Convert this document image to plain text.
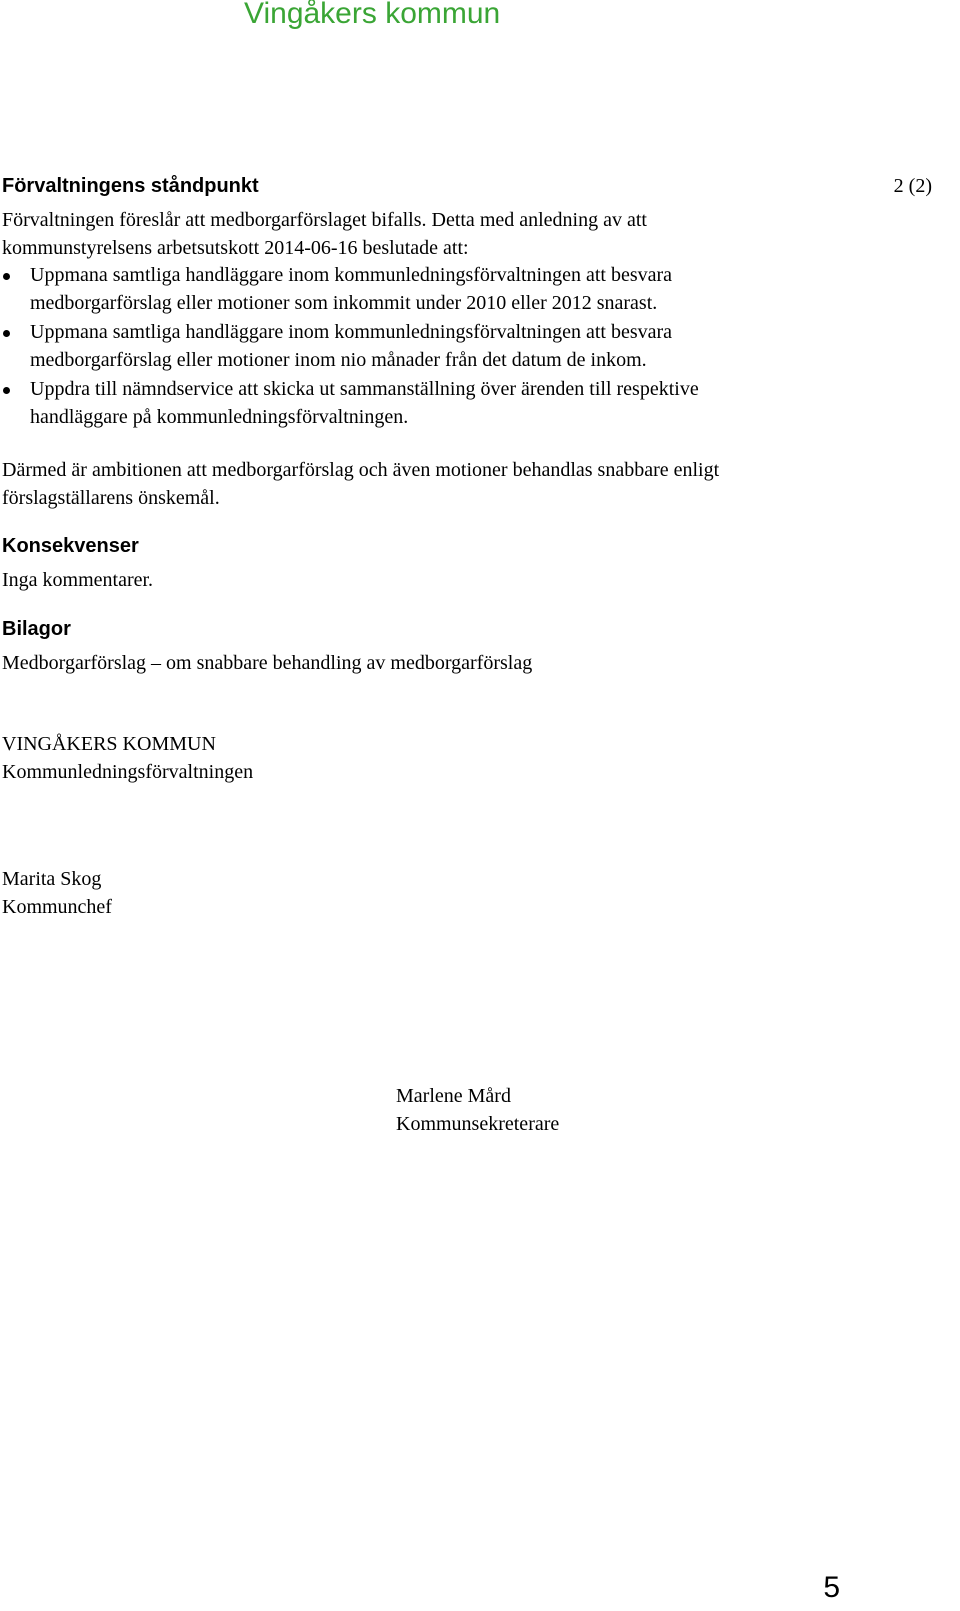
Vingåkers kommun
2 (2)
Förvaltningens ståndpunkt

Förvaltningen föreslår att medborgarförslaget bifalls. Detta med anledning av att
kommunstyrelsens arbetsutskott 2014-06-16 beslutade att:

Uppmana samtliga handläggare inom kommunledningsförvaltningen att besvara medborgarförslag eller motioner som inkommit under 2010 eller 2012 snarast.
Uppmana samtliga handläggare inom kommunledningsförvaltningen att besvara medborgarförslag eller motioner inom nio månader från det datum de inkom.
Uppdra till nämndservice att skicka ut sammanställning över ärenden till respektive handläggare på kommunledningsförvaltningen.

Därmed är ambitionen att medborgarförslag och även motioner behandlas snabbare enligt förslagställarens önskemål.

Konsekvenser

Inga kommentarer.

Bilagor

Medborgarförslag – om snabbare behandling av medborgarförslag

VINGÅKERS KOMMUN
Kommunledningsförvaltningen

Marita Skog
Kommunchef

Marlene Mård
Kommunsekreterare
5
